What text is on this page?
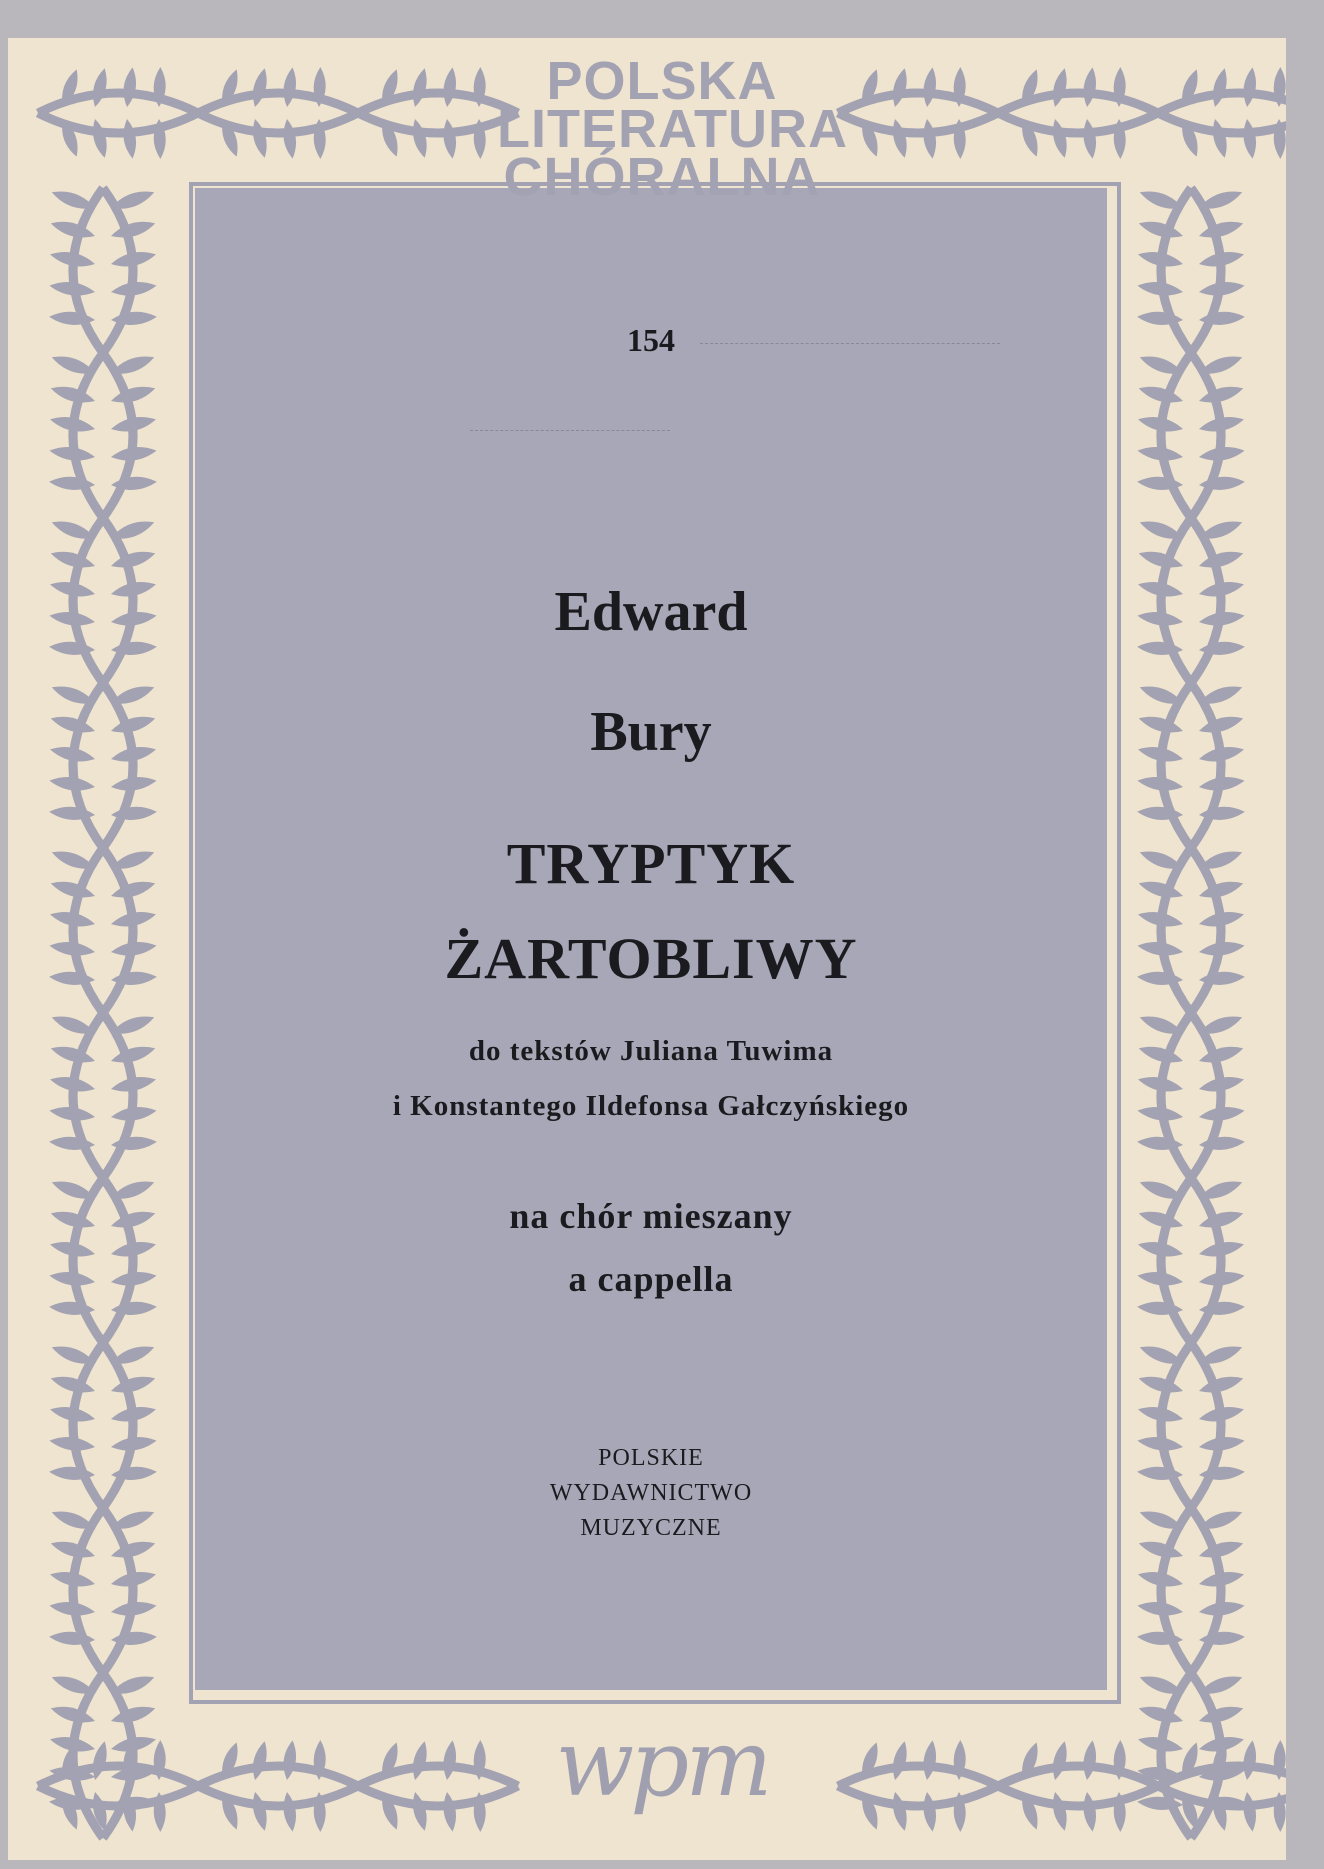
POLSKA
LITERATURA
CHÓRALNA
154
Edward
Bury
TRYPTYK
ŻARTOBLIWY
do tekstów Juliana Tuwima
i Konstantego Ildefonsa Gałczyńskiego
na chór mieszany
a cappella
POLSKIE
WYDAWNICTWO
MUZYCZNE
wpm
